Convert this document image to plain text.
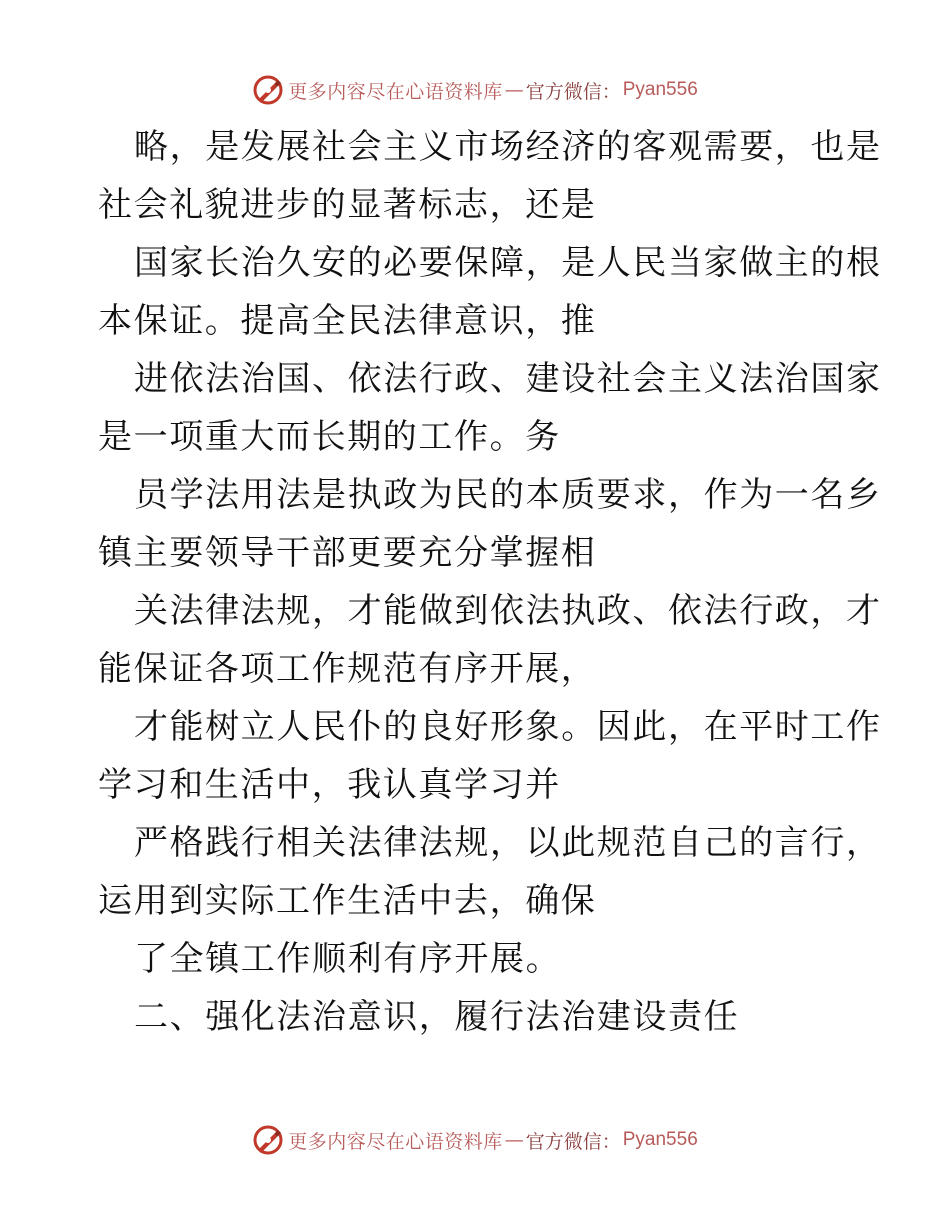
更多内容尽在心语资料库 — 官方微信： Pyan556
略，是发展社会主义市场经济的客观需要，也是
社会礼貌进步的显著标志，还是
国家长治久安的必要保障，是人民当家做主的根
本保证。提高全民法律意识，推
进依法治国、依法行政、建设社会主义法治国家
是一项重大而长期的工作。务
员学法用法是执政为民的本质要求，作为一名乡
镇主要领导干部更要充分掌握相
关法律法规，才能做到依法执政、依法行政，才
能保证各项工作规范有序开展，
才能树立人民仆的良好形象。因此，在平时工作
学习和生活中，我认真学习并
严格践行相关法律法规，以此规范自己的言行，
运用到实际工作生活中去，确保
了全镇工作顺利有序开展。
二、强化法治意识，履行法治建设责任
更多内容尽在心语资料库 — 官方微信： Pyan556
